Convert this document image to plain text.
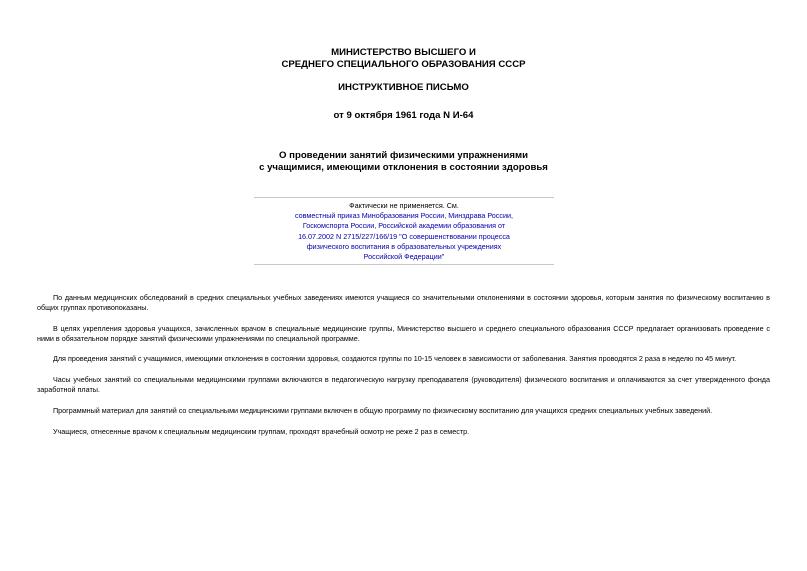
МИНИСТЕРСТВО ВЫСШЕГО И
СРЕДНЕГО СПЕЦИАЛЬНОГО ОБРАЗОВАНИЯ СССР
ИНСТРУКТИВНОЕ ПИСЬМО
от 9 октября 1961 года N И-64
О проведении занятий физическими упражнениями
с учащимися, имеющими отклонения в состоянии здоровья
Фактически не применяется. См.
совместный приказ Минобразования России, Минздрава России,
Госкомспорта России, Российской академии образования от
16.07.2002 N 2715/227/166/19 "О совершенствовании процесса
физического воспитания в образовательных учреждениях
Российской Федерации"

По данным медицинских обследований в средних специальных учебных заведениях имеются учащиеся со значительными отклонениями в состоянии здоровья, которым занятия по физическому воспитанию в общих группах противопоказаны.

В целях укрепления здоровья учащихся, зачисленных врачом в специальные медицинские группы, Министерство высшего и среднего специального образования СССР предлагает организовать проведение с ними в обязательном порядке занятий физическими упражнениями по специальной программе.

Для проведения занятий с учащимися, имеющими отклонения в состоянии здоровья, создаются группы по 10-15 человек в зависимости от заболевания. Занятия проводятся 2 раза в неделю по 45 минут.

Часы учебных занятий со специальными медицинскими группами включаются в педагогическую нагрузку преподавателя (руководителя) физического воспитания и оплачиваются за счет утвержденного фонда заработной платы.

Программный материал для занятий со специальными медицинскими группами включен в общую программу по физическому воспитанию для учащихся средних специальных учебных заведений.

Учащиеся, отнесенные врачом к специальным медицинским группам, проходят врачебный осмотр не реже 2 раз в семестр.
